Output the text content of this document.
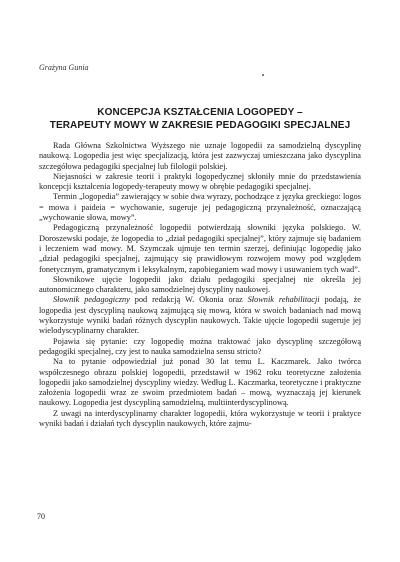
Grażyna Gunia
KONCEPCJA KSZTAŁCENIA LOGOPEDY –
TERAPEUTY MOWY W ZAKRESIE PEDAGOGIKI SPECJALNEJ

Rada Główna Szkolnictwa Wyższego nie uznaje logopedii za samodzielną dyscyplinę naukową. Logopedia jest więc specjalizacją, która jest zazwyczaj umieszczana jako dyscyplina szczegółowa pedagogiki specjalnej lub filologii polskiej.

Niejasności w zakresie teorii i praktyki logopedycznej skłoniły mnie do przedstawienia koncepcji kształcenia logopedy-terapeuty mowy w obrębie pedagogiki specjalnej.

Termin „logopedia” zawierający w sobie dwa wyrazy, pochodzące z języka greckiego: logos = mowa i paideia = wychowanie, sugeruje jej pedagogiczną przynależność, oznaczającą „wychowanie słowa, mowy”.

Pedagogiczną przynależność logopedii potwierdzają słowniki języka polskiego. W. Doroszewski podaje, że logopedia to „dział pedagogiki specjalnej”, który zajmuje się badaniem i leczeniem wad mowy. M. Szymczak ujmuje ten termin szerzej, definiując logopedię jako „dział pedagogiki specjalnej, zajmujący się prawidłowym rozwojem mowy pod względem fonetycznym, gramatycznym i leksykalnym, zapobieganiem wad mowy i usuwaniem tych wad”.

Słownikowe ujęcie logopedii jako działu pedagogiki specjalnej nie określa jej autonomicznego charakteru, jako samodzielnej dyscypliny naukowej.

Słownik pedagogiczny pod redakcją W. Okonia oraz Słownik rehabilitacji podają, że logopedia jest dyscypliną naukową zajmującą się mową, która w swoich badaniach nad mową wykorzystuje wyniki badań różnych dyscyplin naukowych. Takie ujęcie logopedii sugeruje jej wielodyscyplinarny charakter.

Pojawia się pytanie: czy logopedię można traktować jako dyscyplinę szczegółową pedagogiki specjalnej, czy jest to nauka samodzielna sensu stricto?

Na to pytanie odpowiedział już ponad 30 lat temu L. Kaczmarek. Jako twórca współczesnego obrazu polskiej logopedii, przedstawił w 1962 roku teoretyczne założenia logopedii jako samodzielnej dyscypliny wiedzy. Według L. Kaczmarka, teoretyczne i praktyczne założenia logopedii wraz ze swoim przedmiotem badań – mową, wyznaczają jej kierunek naukowy. Logopedia jest dyscypliną samodzielną, multiinterdyscyplinową.

Z uwagi na interdyscyplinarny charakter logopedii, która wykorzystuje w teorii i praktyce wyniki badań i działań tych dyscyplin naukowych, które zajmu-

70
